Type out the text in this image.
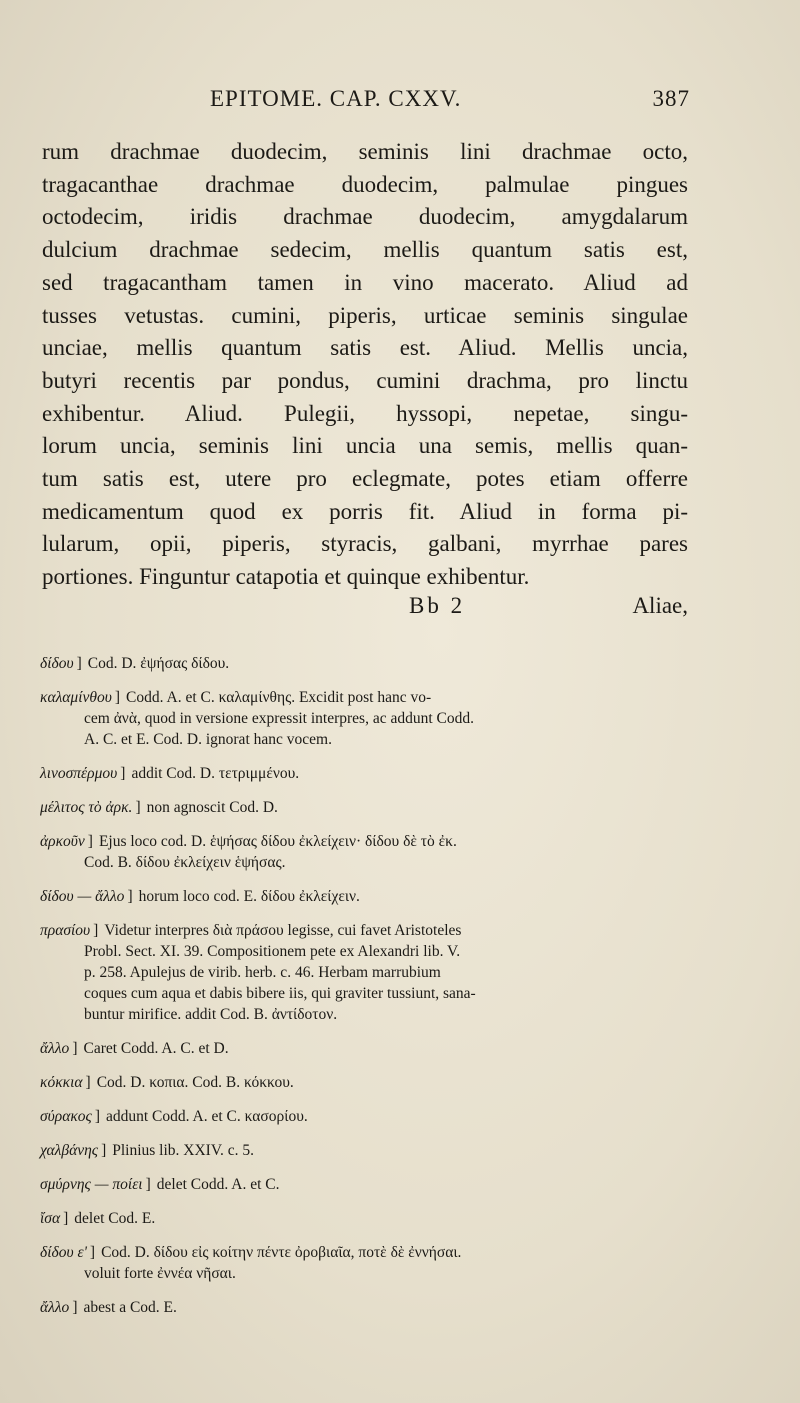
EPITOME. CAP. CXXV.	387
rum drachmae duodecim, seminis lini drachmae octo,
tragacanthae drachmae duodecim, palmulae pingues
octodecim, iridis drachmae duodecim, amygdalarum
dulcium drachmae sedecim, mellis quantum satis est,
sed tragacantham tamen in vino macerato. Aliud ad
tusses vetustas. cumini, piperis, urticae seminis singulae
unciae, mellis quantum satis est. Aliud. Mellis uncia,
butyri recentis par pondus, cumini drachma, pro linctu
exhibentur. Aliud. Pulegii, hyssopi, nepetae, singu-
lorum uncia, seminis lini uncia una semis, mellis quan-
tum satis est, utere pro eclegmate, potes etiam offerre
medicamentum quod ex porris fit. Aliud in forma pi-
lularum, opii, piperis, styracis, galbani, myrrhae pares
portiones. Finguntur catapotia et quinque exhibentur.
Bb 2	Aliae,
δίδου ] Cod. D. ἐψήσας δίδου.
καλαμίνθου ] Codd. A. et C. καλαμίνθης. Excidit post hanc vo-
cem ἀνὰ, quod in versione expressit interpres, ac addunt Codd.
A. C. et E. Cod. D. ignorat hanc vocem.
λινοσπέρμου ] addit Cod. D. τετριμμένου.
μέλιτος τὸ ἀρκ. ] non agnoscit Cod. D.
ἀρκοῦν ] Ejus loco cod. D. ἑψήσας δίδου ἐκλείχειν· δίδου δὲ τὸ ἐκ.
Cod. B. δίδου ἐκλείχειν ἑψήσας.
δίδου — ἄλλο ] horum loco cod. E. δίδου ἐκλείχειν.
πρασίου ] Videtur interpres διὰ πράσου legisse, cui favet Aristoteles
Probl. Sect. XI. 39. Compositionem pete ex Alexandri lib. V.
p. 258. Apulejus de virib. herb. c. 46. Herbam marrubium
coques cum aqua et dabis bibere iis, qui graviter tussiunt, sana-
buntur mirifice. addit Cod. B. ἀντίδοτον.
ἄλλο ] Caret Codd. A. C. et D.
κόκκια ] Cod. D. κοπια. Cod. B. κόκκου.
σύρακος ] addunt Codd. A. et C. κασορίου.
χαλβάνης ] Plinius lib. XXIV. c. 5.
σμύρνης — ποίει ] delet Codd. A. et C.
ἴσα ] delet Cod. E.
δίδου ε' ] Cod. D. δίδου εἰς κοίτην πέντε ὀροβιαῖα, ποτὲ δὲ ἐννήσαι.
voluit forte ἐννέα νῆσαι.
ἄλλο ] abest a Cod. E.
